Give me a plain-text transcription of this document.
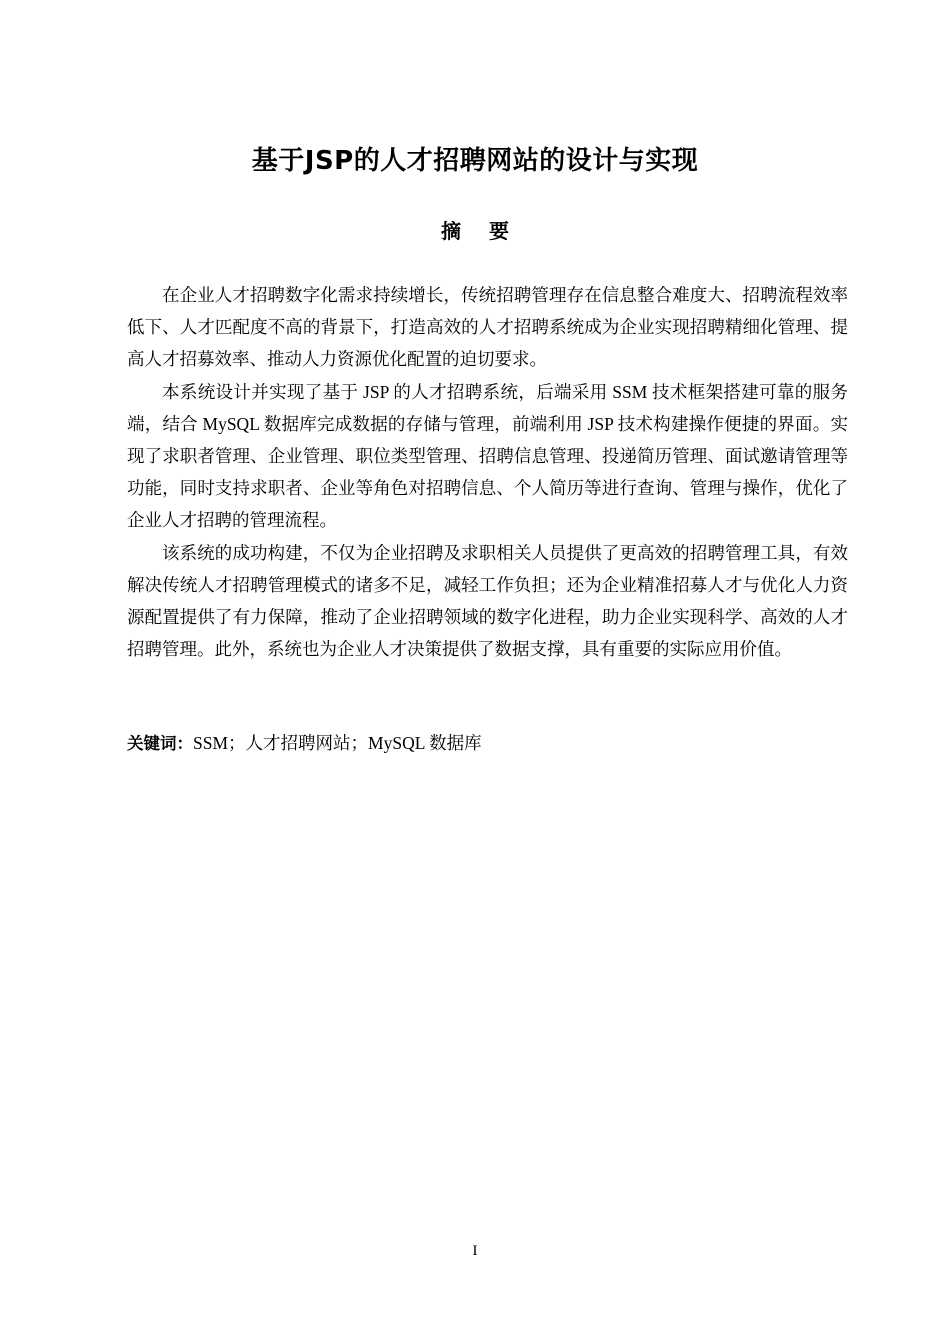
基于JSP的人才招聘网站的设计与实现
摘要

在企业人才招聘数字化需求持续增长，传统招聘管理存在信息整合难度大、招聘流程效率低下、人才匹配度不高的背景下，打造高效的人才招聘系统成为企业实现招聘精细化管理、提高人才招募效率、推动人力资源优化配置的迫切要求。

本系统设计并实现了基于 JSP 的人才招聘系统，后端采用 SSM 技术框架搭建可靠的服务端，结合 MySQL 数据库完成数据的存储与管理，前端利用 JSP 技术构建操作便捷的界面。实现了求职者管理、企业管理、职位类型管理、招聘信息管理、投递简历管理、面试邀请管理等功能，同时支持求职者、企业等角色对招聘信息、个人简历等进行查询、管理与操作，优化了企业人才招聘的管理流程。

该系统的成功构建，不仅为企业招聘及求职相关人员提供了更高效的招聘管理工具，有效解决传统人才招聘管理模式的诸多不足，减轻工作负担；还为企业精准招募人才与优化人力资源配置提供了有力保障，推动了企业招聘领域的数字化进程，助力企业实现科学、高效的人才招聘管理。此外，系统也为企业人才决策提供了数据支撑，具有重要的实际应用价值。

关键词：SSM；人才招聘网站；MySQL 数据库
I
